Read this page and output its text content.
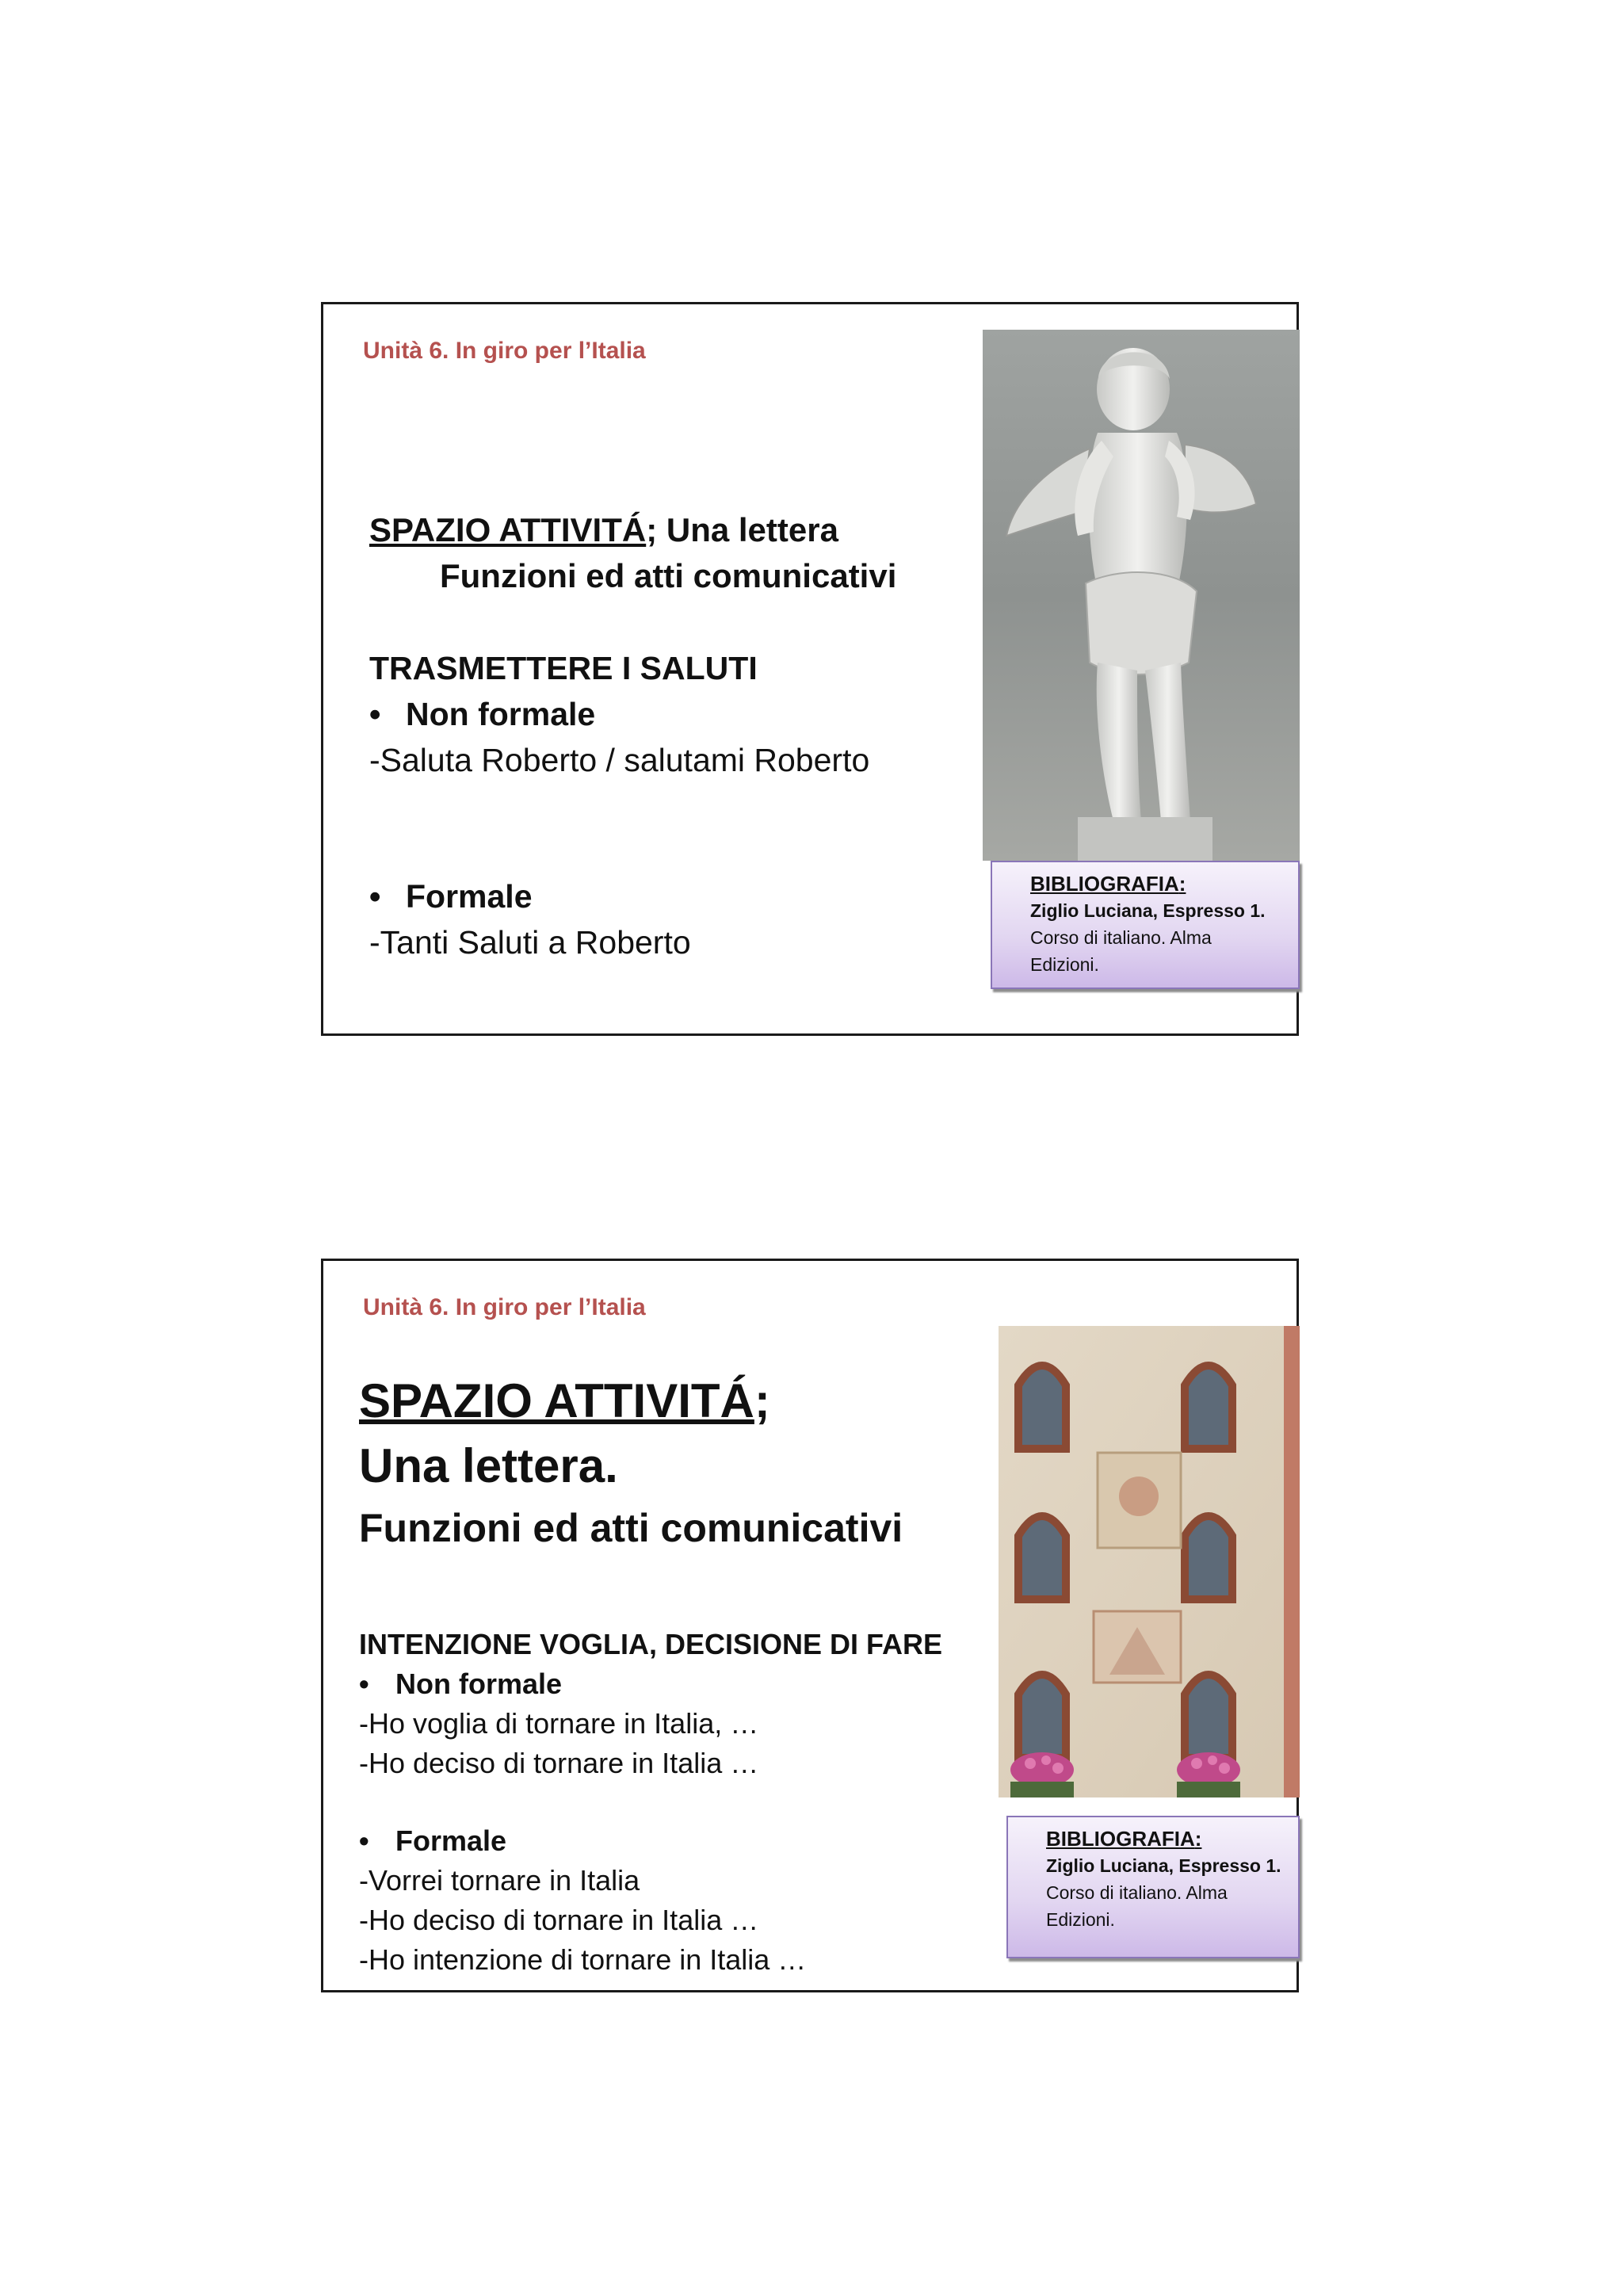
Unità 6. In giro per l’Italia
SPAZIO ATTIVITÁ; Una lettera
Funzioni ed atti comunicativi
TRASMETTERE I SALUTI
• Non formale
-Saluta Roberto / salutami Roberto
• Formale
-Tanti Saluti a Roberto
BIBLIOGRAFIA:
Ziglio Luciana, Espresso 1.
Corso di italiano. Alma
Edizioni.
Unità 6. In giro per l’Italia
SPAZIO ATTIVITÁ;
Una lettera.
Funzioni ed atti comunicativi
INTENZIONE VOGLIA, DECISIONE DI FARE
• Non formale
-Ho voglia di tornare in Italia, …
-Ho deciso di tornare in Italia …
• Formale
-Vorrei tornare in Italia
-Ho deciso di tornare in Italia …
-Ho intenzione di tornare in Italia …
BIBLIOGRAFIA:
Ziglio Luciana, Espresso 1.
Corso di italiano. Alma
Edizioni.
